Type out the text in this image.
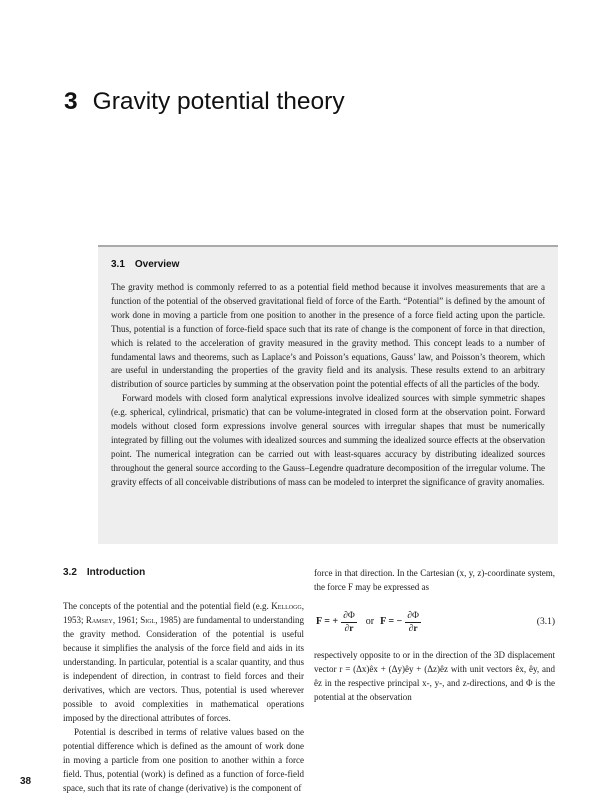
3 Gravity potential theory
3.1 Overview

The gravity method is commonly referred to as a potential field method because it involves measurements that are a function of the potential of the observed gravitational field of force of the Earth. “Potential” is defined by the amount of work done in moving a particle from one position to another in the presence of a force field acting upon the particle. Thus, potential is a function of force-field space such that its rate of change is the component of force in that direction, which is related to the acceleration of gravity measured in the gravity method. This concept leads to a number of fundamental laws and theorems, such as Laplace’s and Poisson’s equations, Gauss’ law, and Poisson’s theorem, which are useful in understanding the properties of the gravity field and its analysis. These results extend to an arbitrary distribution of source particles by summing at the observation point the potential effects of all the particles of the body.

Forward models with closed form analytical expressions involve idealized sources with simple symmetric shapes (e.g. spherical, cylindrical, prismatic) that can be volume-integrated in closed form at the observation point. Forward models without closed form expressions involve general sources with irregular shapes that must be numerically integrated by filling out the volumes with idealized sources and summing the idealized source effects at the observation point. The numerical integration can be carried out with least-squares accuracy by distributing idealized sources throughout the general source according to the Gauss–Legendre quadrature decomposition of the irregular volume. The gravity effects of all conceivable distributions of mass can be modeled to interpret the significance of gravity anomalies.

3.2 Introduction

The concepts of the potential and the potential field (e.g. Kellogg, 1953; Ramsey, 1961; Sigl, 1985) are fundamental to understanding the gravity method. Consideration of the potential is useful because it simplifies the analysis of the force field and aids in its understanding. In particular, potential is a scalar quantity, and thus is independent of direction, in contrast to field forces and their derivatives, which are vectors. Thus, potential is used wherever possible to avoid complexities in mathematical operations imposed by the directional attributes of forces.

Potential is described in terms of relative values based on the potential difference which is defined as the amount of work done in moving a particle from one position to another within a force field. Thus, potential (work) is defined as a function of force-field space, such that its rate of change (derivative) is the component of

force in that direction. In the Cartesian (x, y, z)-coordinate system, the force F may be expressed as

F = + $\frac{\partial\Phi}{\partial r}$ or F = − $\frac{\partial\Phi}{\partial r}$	(3.1)

respectively opposite to or in the direction of the 3D displacement vector r = (Δx)êx + (Δy)êy + (Δz)êz with unit vectors êx, êy, and êz in the respective principal x-, y-, and z-directions, and Φ is the potential at the observation

38
